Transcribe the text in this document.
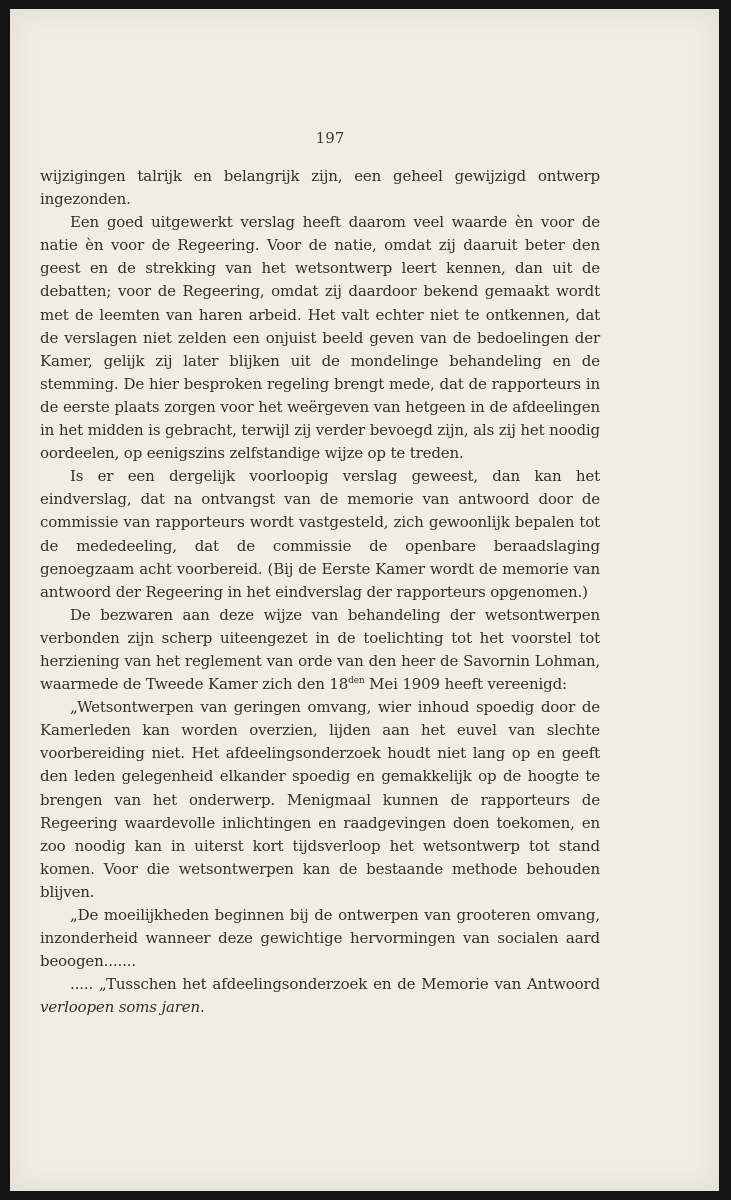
197

wijzigingen talrijk en belangrijk zijn, een geheel gewijzigd ontwerp ingezonden.

Een goed uitgewerkt verslag heeft daarom veel waarde èn voor de natie èn voor de Regeering. Voor de natie, omdat zij daaruit beter den geest en de strekking van het wetsontwerp leert kennen, dan uit de debatten; voor de Regeering, omdat zij daardoor bekend gemaakt wordt met de leemten van haren arbeid. Het valt echter niet te ontkennen, dat de verslagen niet zelden een onjuist beeld geven van de bedoelingen der Kamer, gelijk zij later blijken uit de mondelinge behandeling en de stemming. De hier besproken regeling brengt mede, dat de rapporteurs in de eerste plaats zorgen voor het weërgeven van hetgeen in de afdeelingen in het midden is gebracht, terwijl zij verder bevoegd zijn, als zij het noodig oordeelen, op eenigszins zelfstandige wijze op te treden.

Is er een dergelijk voorloopig verslag geweest, dan kan het eindverslag, dat na ontvangst van de memorie van antwoord door de commissie van rapporteurs wordt vastgesteld, zich gewoonlijk bepalen tot de mededeeling, dat de commissie de openbare beraadslaging genoegzaam acht voorbereid. (Bij de Eerste Kamer wordt de memorie van antwoord der Regeering in het eindverslag der rapporteurs opgenomen.)

De bezwaren aan deze wijze van behandeling der wetsontwerpen verbonden zijn scherp uiteengezet in de toelichting tot het voorstel tot herziening van het reglement van orde van den heer de Savornin Lohman, waarmede de Tweede Kamer zich den $18^{den}$ Mei 1909 heeft vereenigd:

„Wetsontwerpen van geringen omvang, wier inhoud spoedig door de Kamerleden kan worden overzien, lijden aan het euvel van slechte voorbereiding niet. Het afdeelingsonderzoek houdt niet lang op en geeft den leden gelegenheid elkander spoedig en gemakkelijk op de hoogte te brengen van het onderwerp. Menigmaal kunnen de rapporteurs de Regeering waardevolle inlichtingen en raadgevingen doen toekomen, en zoo noodig kan in uiterst kort tijdsverloop het wetsontwerp tot stand komen. Voor die wetsontwerpen kan de bestaande methode behouden blijven.

„De moeilijkheden beginnen bij de ontwerpen van grooteren omvang, inzonderheid wanneer deze gewichtige hervormingen van socialen aard beoogen.......

..... „Tusschen het afdeelingsonderzoek en de Memorie van Antwoord verloopen soms jaren.
